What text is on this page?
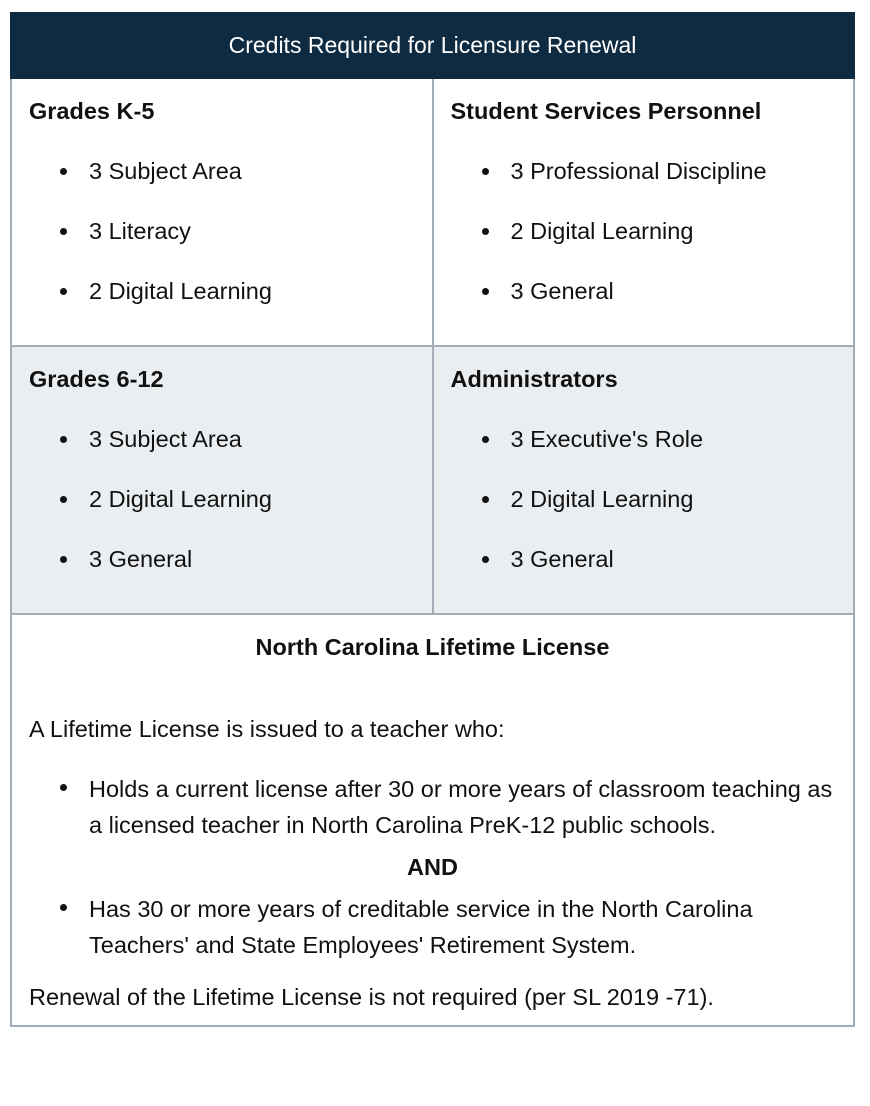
Credits Required for Licensure Renewal
Grades K-5
3 Subject Area
3 Literacy
2 Digital Learning
Student Services Personnel
3 Professional Discipline
2 Digital Learning
3 General
Grades 6-12
3 Subject Area
2 Digital Learning
3 General
Administrators
3 Executive's Role
2 Digital Learning
3 General
North Carolina Lifetime License

A Lifetime License is issued to a teacher who:

Holds a current license after 30 or more years of classroom teaching as a licensed teacher in North Carolina PreK-12 public schools.

AND

Has 30 or more years of creditable service in the North Carolina Teachers' and State Employees' Retirement System.

Renewal of the Lifetime License is not required (per SL 2019 -71).
